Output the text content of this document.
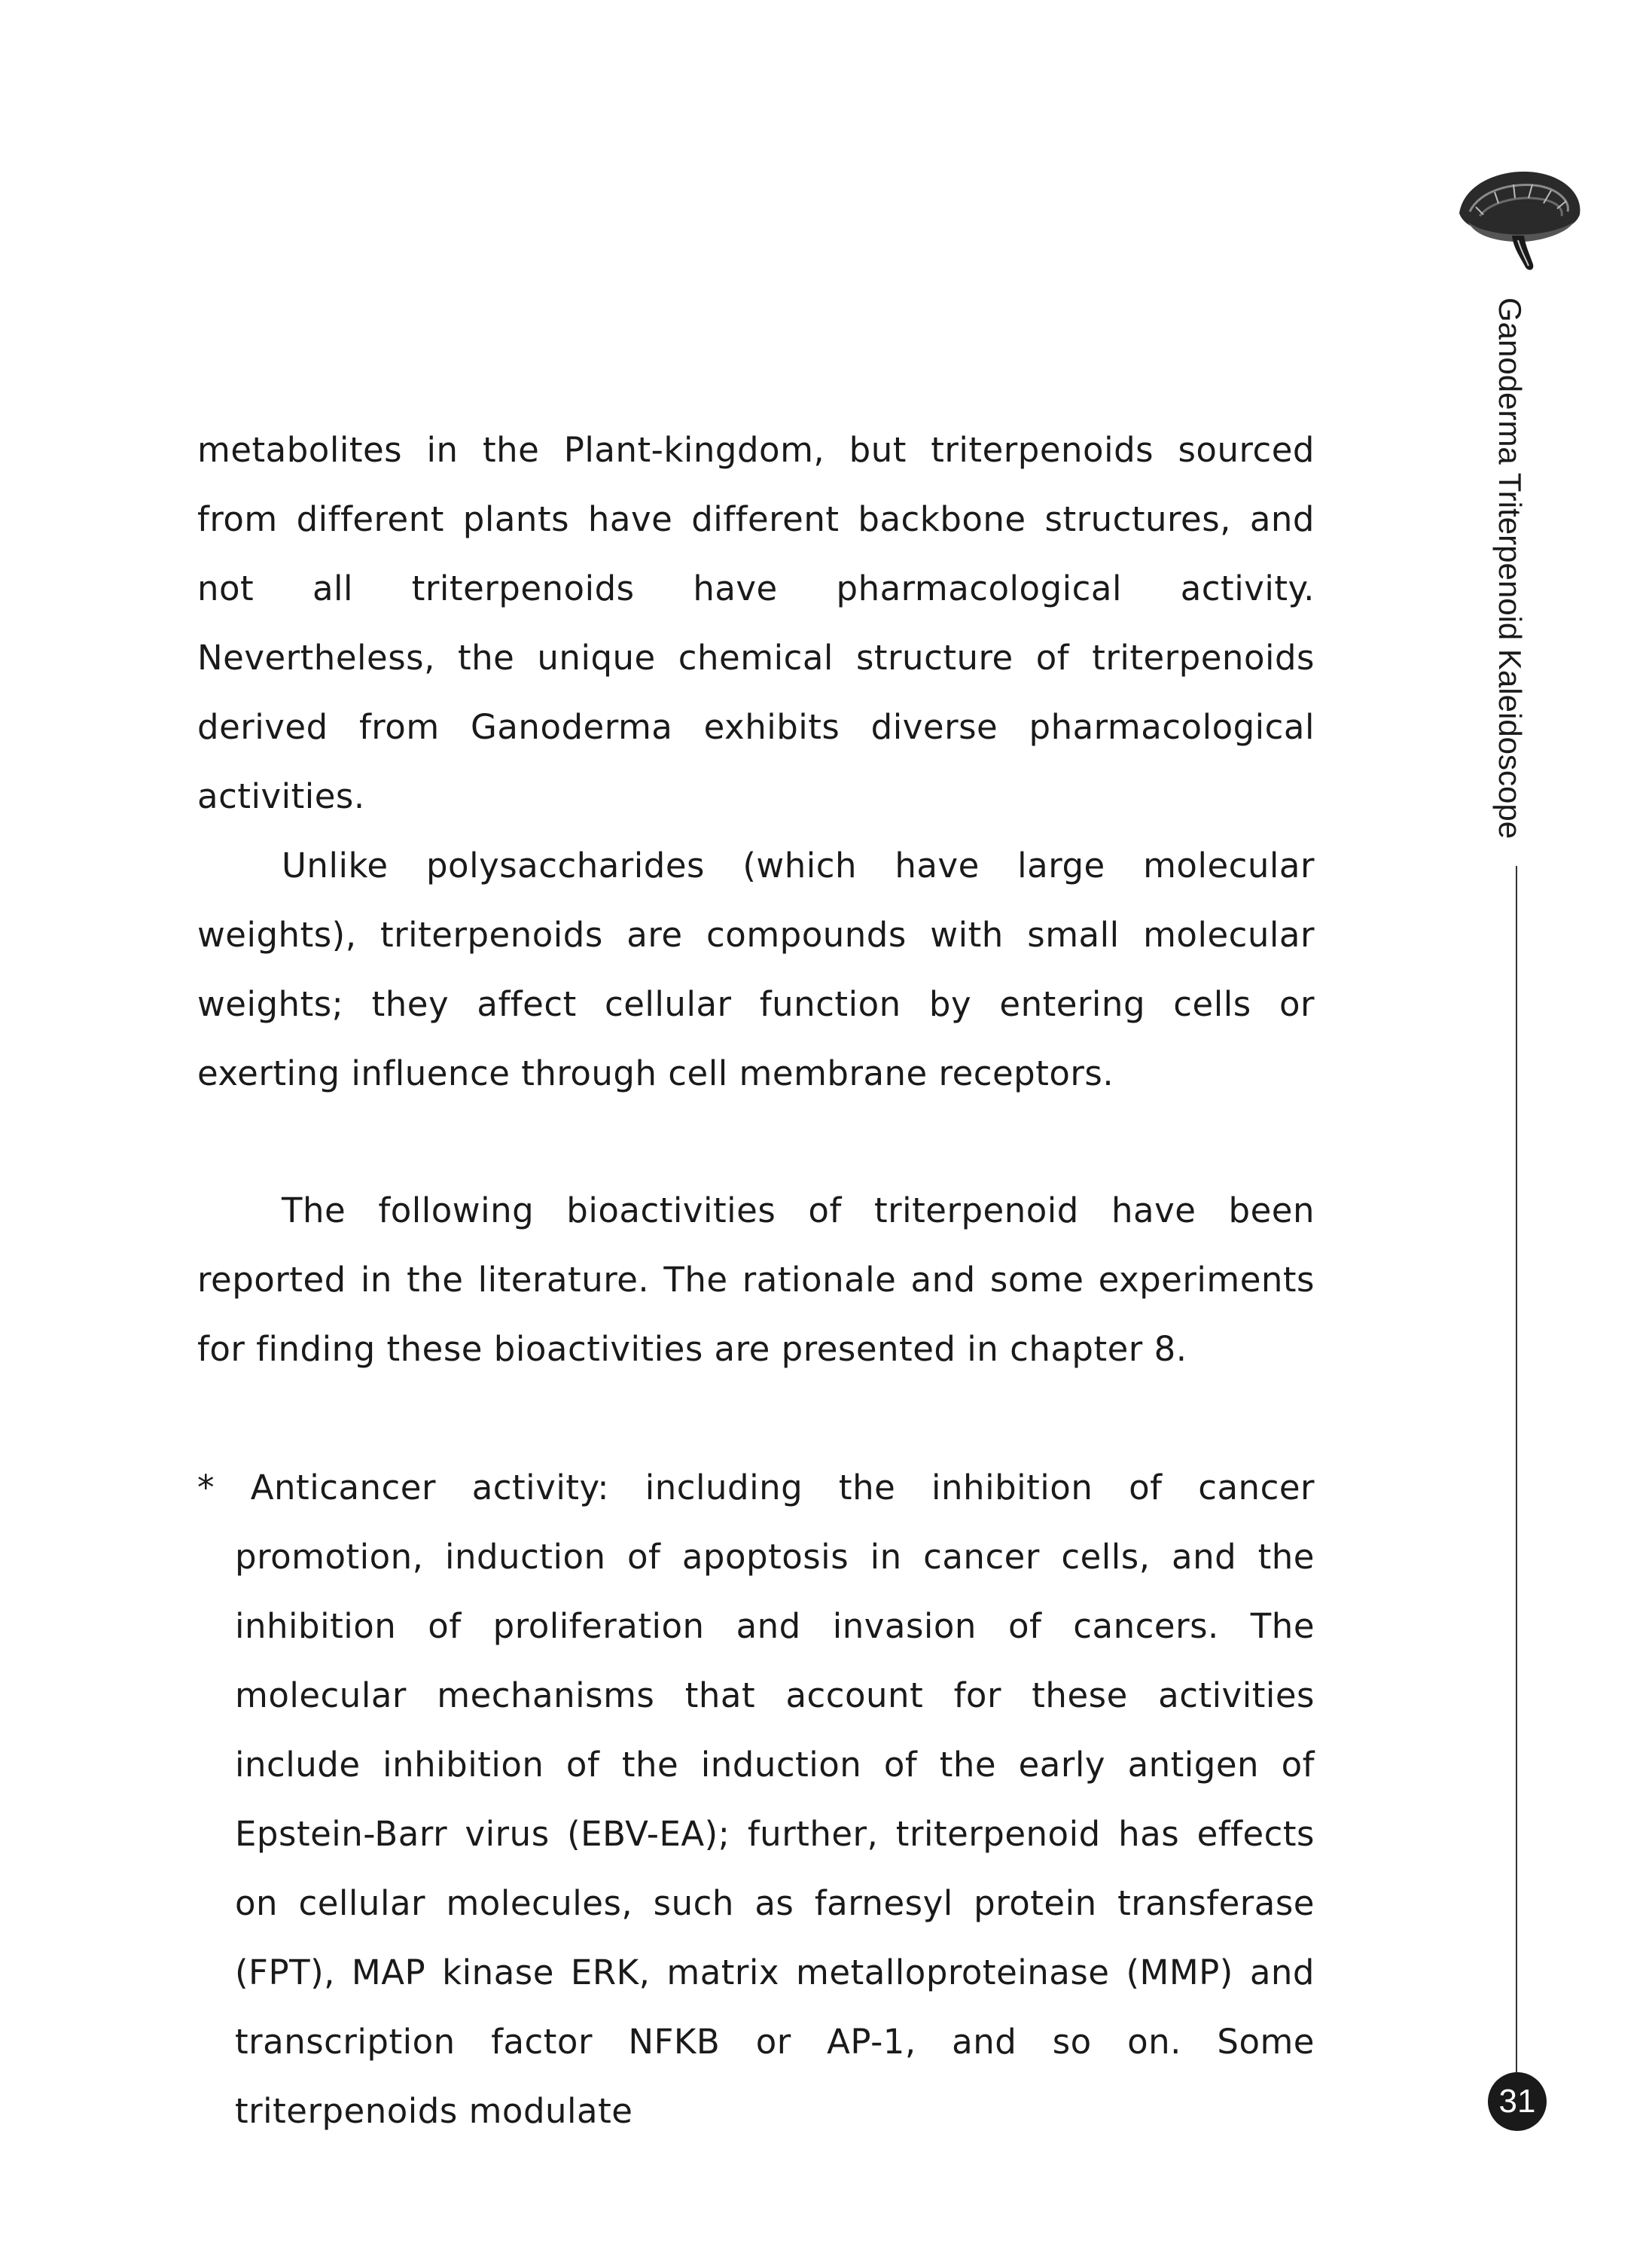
Ganoderma Triterpenoid Kaleidoscope
31

metabolites in the Plant-kingdom, but triterpenoids sourced from different plants have different backbone structures, and not all triterpenoids have pharmacological activity. Nevertheless, the unique chemical structure of triterpenoids derived from Ganoderma exhibits diverse pharmacological activities.

Unlike polysaccharides (which have large molecular weights), triterpenoids are compounds with small molecular weights; they affect cellular function by entering cells or exerting influence through cell membrane receptors.

The following bioactivities of triterpenoid have been reported in the literature. The rationale and some experiments for finding these bioactivities are presented in chapter 8.

* Anticancer activity: including the inhibition of cancer promotion, induction of apoptosis in cancer cells, and the inhibition of proliferation and invasion of cancers. The molecular mechanisms that account for these activities include inhibition of the induction of the early antigen of Epstein-Barr virus (EBV-EA); further, triterpenoid has effects on cellular molecules, such as farnesyl protein transferase (FPT), MAP kinase ERK, matrix metalloproteinase (MMP) and transcription factor NFKB or AP-1, and so on. Some triterpenoids modulate
